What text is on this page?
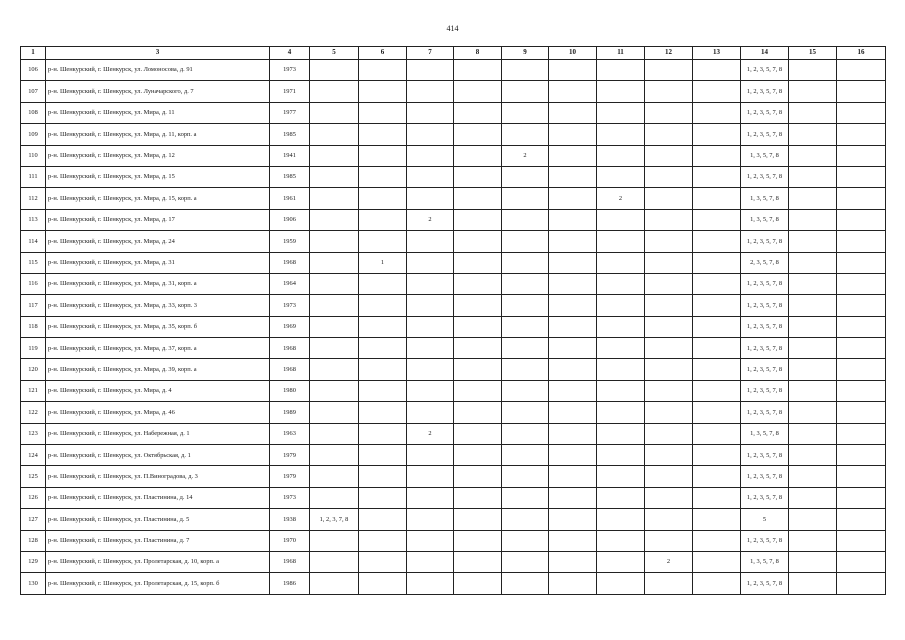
414
1	3	4	5	6	7	8	9	10	11	12	13	14	15	16
106	р-н. Шенкурский, г. Шенкурск, ул. Ломоносова, д. 91	1973										1, 2, 3, 5, 7, 8		
107	р-н. Шенкурский, г. Шенкурск, ул. Луначарского, д. 7	1971										1, 2, 3, 5, 7, 8		
108	р-н. Шенкурский, г. Шенкурск, ул. Мира, д. 11	1977										1, 2, 3, 5, 7, 8		
109	р-н. Шенкурский, г. Шенкурск, ул. Мира, д. 11, корп. а	1985										1, 2, 3, 5, 7, 8		
110	р-н. Шенкурский, г. Шенкурск, ул. Мира, д. 12	1941					2					1, 3, 5, 7, 8		
111	р-н. Шенкурский, г. Шенкурск, ул. Мира, д. 15	1985										1, 2, 3, 5, 7, 8		
112	р-н. Шенкурский, г. Шенкурск, ул. Мира, д. 15, корп. а	1961							2			1, 3, 5, 7, 8		
113	р-н. Шенкурский, г. Шенкурск, ул. Мира, д. 17	1906			2							1, 3, 5, 7, 8		
114	р-н. Шенкурский, г. Шенкурск, ул. Мира, д. 24	1959										1, 2, 3, 5, 7, 8		
115	р-н. Шенкурский, г. Шенкурск, ул. Мира, д. 31	1968		1								2, 3, 5, 7, 8		
116	р-н. Шенкурский, г. Шенкурск, ул. Мира, д. 31, корп. а	1964										1, 2, 3, 5, 7, 8		
117	р-н. Шенкурский, г. Шенкурск, ул. Мира, д. 33, корп. 3	1973										1, 2, 3, 5, 7, 8		
118	р-н. Шенкурский, г. Шенкурск, ул. Мира, д. 35, корп. б	1969										1, 2, 3, 5, 7, 8		
119	р-н. Шенкурский, г. Шенкурск, ул. Мира, д. 37, корп. а	1968										1, 2, 3, 5, 7, 8		
120	р-н. Шенкурский, г. Шенкурск, ул. Мира, д. 39, корп. а	1968										1, 2, 3, 5, 7, 8		
121	р-н. Шенкурский, г. Шенкурск, ул. Мира, д. 4	1980										1, 2, 3, 5, 7, 8		
122	р-н. Шенкурский, г. Шенкурск, ул. Мира, д. 46	1989										1, 2, 3, 5, 7, 8		
123	р-н. Шенкурский, г. Шенкурск, ул. Набережная, д. 1	1963			2							1, 3, 5, 7, 8		
124	р-н. Шенкурский, г. Шенкурск, ул. Октябрьская, д. 1	1979										1, 2, 3, 5, 7, 8		
125	р-н. Шенкурский, г. Шенкурск, ул. П.Виноградова, д. 3	1979										1, 2, 3, 5, 7, 8		
126	р-н. Шенкурский, г. Шенкурск, ул. Пластинина, д. 14	1973										1, 2, 3, 5, 7, 8		
127	р-н. Шенкурский, г. Шенкурск, ул. Пластинина, д. 5	1938	1, 2, 3, 7, 8									5		
128	р-н. Шенкурский, г. Шенкурск, ул. Пластинина, д. 7	1970										1, 2, 3, 5, 7, 8		
129	р-н. Шенкурский, г. Шенкурск, ул. Пролетарская, д. 10, корп. а	1968								2		1, 3, 5, 7, 8		
130	р-н. Шенкурский, г. Шенкурск, ул. Пролетарская, д. 15, корп. б	1986										1, 2, 3, 5, 7, 8		
